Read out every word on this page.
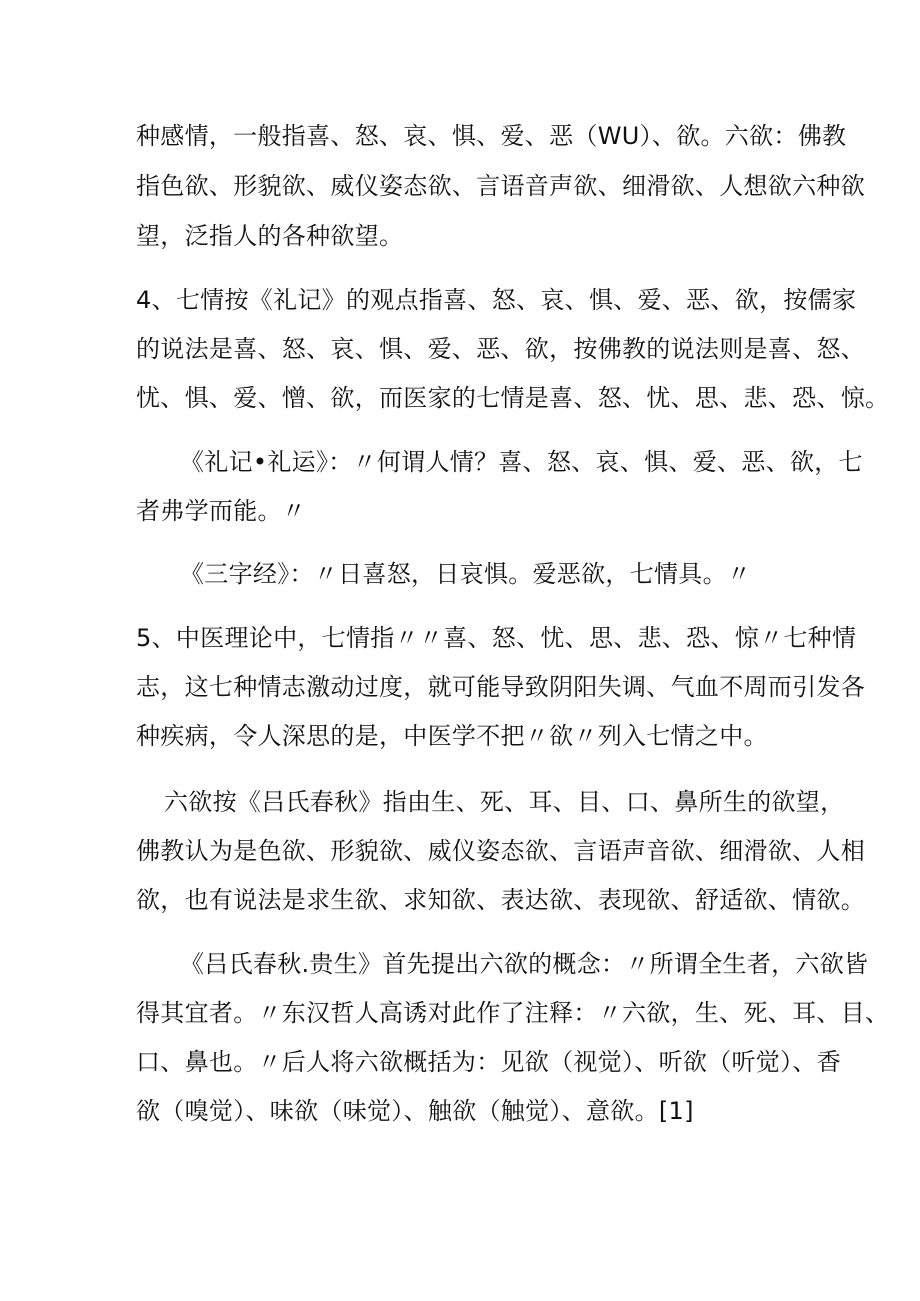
种感情，一般指喜、怒、哀、惧、爱、恶（WU）、欲。六欲：佛教
指色欲、形貌欲、威仪姿态欲、言语音声欲、细滑欲、人想欲六种欲
望，泛指人的各种欲望。
4、七情按《礼记》的观点指喜、怒、哀、惧、爱、恶、欲，按儒家
的说法是喜、怒、哀、惧、爱、恶、欲，按佛教的说法则是喜、怒、
忧、惧、爱、憎、欲，而医家的七情是喜、怒、忧、思、悲、恐、惊。
《礼记•礼运》：〃何谓人情？喜、怒、哀、惧、爱、恶、欲，七
者弗学而能。〃
《三字经》：〃日喜怒，日哀惧。爱恶欲，七情具。〃
5、中医理论中，七情指〃〃喜、怒、忧、思、悲、恐、惊〃七种情
志，这七种情志激动过度，就可能导致阴阳失调、气血不周而引发各
种疾病，令人深思的是，中医学不把〃欲〃列入七情之中。
六欲按《吕氏春秋》指由生、死、耳、目、口、鼻所生的欲望，
佛教认为是色欲、形貌欲、威仪姿态欲、言语声音欲、细滑欲、人相
欲，也有说法是求生欲、求知欲、表达欲、表现欲、舒适欲、情欲。
《吕氏春秋.贵生》首先提出六欲的概念：〃所谓全生者，六欲皆
得其宜者。〃东汉哲人高诱对此作了注释：〃六欲，生、死、耳、目、
口、鼻也。〃后人将六欲概括为：见欲（视觉）、听欲（听觉）、香
欲（嗅觉）、味欲（味觉）、触欲（触觉）、意欲。[1]
